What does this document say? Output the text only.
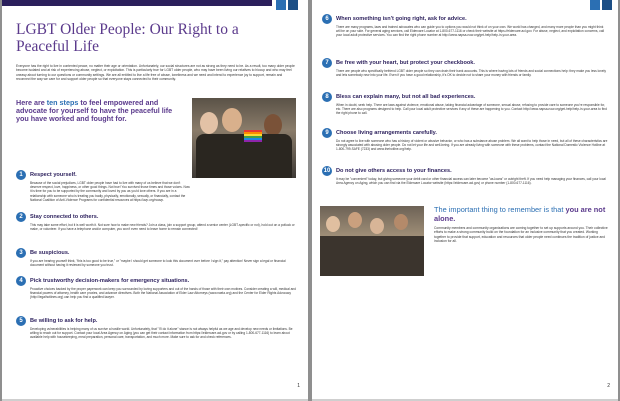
LGBT Older People: Our Right to a Peaceful Life
Everyone has the right to live in contented peace, no matter their age or orientation. Unfortunately, our social structures are not as strong as they need to be. As a result, too many older people become isolated and at risk of experiencing abuse, neglect, or exploitation. This is particularly true for LGBT older people, who may have been living our relatives to hiccup and who may feel uneasy about turning to our questions or community settings. We are all entitled to live a life free of abuse, loneliness and we need and intend to experience joy to support, remain and reconnect the way we care for and support older people so that everyone stays connected to their community.
Here are ten steps to feel empowered and advocate for yourself to have the peaceful life you have worked and fought for.
1	Respect yourself.
Because of the social prejudices, LGBT older people have had to live with many of us believe that we don't deserve respect, love, happiness, or other good things. Not true! You survived those times and those voices. Now it is time for you to be supported by the community and loved by you as you'd love others. If you are in a relationship with someone who is treating you badly, physically, emotionally, sexually, or financially, contact the National Coalition of Anti-Violence Programs for confidential resources at https://avp.org/ncavp.
2	Stay connected to others.
This may take some effort, but it is well worth it. Not sure how to make new friends? Join a class, join a support group, attend a senior center (LGBT-specific or not), hold out on a potluck or make, or volunteer. If you have a telephone and/or computer, you won't even need to leave home to remain connected!
3	Be suspicious.
If you are hearing yourself think, "this is too good to be true," or "maybe I should get someone to look this document over before I sign it," pay attention! Never sign a legal or financial document without having it reviewed by someone you trust.
4	Pick trustworthy decision-makers for emergency situations.
Proactive choices backed by the proper paperwork can keep you surrounded by loving supporters and out of the hands of those with their own motives. Consider creating a will, medical and financial powers of attorney, health care proxies, and advance directives. Both the National Association of Elder Law Attorneys (www.naela.org) and the Center for Elder Rights Advocacy (http://legalhotlines.org) can help you find a qualified lawyer.
5	Be willing to ask for help.
Developing vulnerabilities is helping many of us survive a hostile world. Unfortunately, that "I'll do it alone" stance is not always helpful as we age and develop new needs or limitations. Be willing to reach out for support. Contact your local Area Agency on Aging (you can get their contact information from https://eldercare.acl.gov or by calling 1-800-677-1116) to learn about available help with housekeeping, meal preparation, personal care, transportation, and much more. Make sure to ask for and check references.
1
6	When something isn't going right, ask for advice.
There are many programs, laws and trained advocates who can guide you to options you would not think of on your own. We world has changed, and many more people than you might think will be on your side. For general aging services, call Eldercare Locator at 1-800-677-1116 or check their website at https://eldercare.acl.gov. For abuse, neglect, and exploitation concerns, call your local adult protective services. You can find the right phone number at http://www.napsa-now.org/get-help/help-in-your-area.
7	Be free with your heart, but protect your checkbook.
There are people who specifically befriend LGBT older people so they can drain their bank accounts. This is where having lots of friends and social connections help: they make you less lonely and lets somebody new into your life. Even if you have a good relationship, it's OK to decide not to share your money with friends or family.
8	Bless can explain many, but not all bad experiences.
When in doubt, seek help. There are laws against violence, emotional abuse, taking financial advantage of someone, sexual abuse, refusing to provide care to someone you're responsible for, etc. There are also programs designed to help. Call your local adult protective services if any of these are happening to you. Contact http://www.napsa-now.org/get-help/help-in-your-area to find the right phone to call.
9	Choose living arrangements carefully.
Do not agree to live with someone who has a history of violent or abusive behavior, or who has a substance abuse problem. We all want to help those in need, but all of these characteristics are strongly associated with abusing older people. Do not let your life and well-being. If you are already living with someone with these problems, contact the National Domestic Violence Hotline at 1-800-799-SAFE (7233) and www.thehotline.org/help.
10 Do not give others access to your finances.
It may be "convenient" today, but giving someone your debit card or other financial access can later become "as-loans" or outright theft. If you need help managing your finances, call your local Area Agency on Aging, which you can find via the Eldercare Locator website (https://eldercare.acl.gov) or phone number (1-800-677-1116).
The important thing to remember is that you are not alone.
Community members and community organizations are coming together to set up supports around you. Their collective efforts to make a strong community build on the foundation for an inclusive community that you created. Working together to provide that support, education and resources that older people need continues the tradition of justice and inclusion for all.
2
